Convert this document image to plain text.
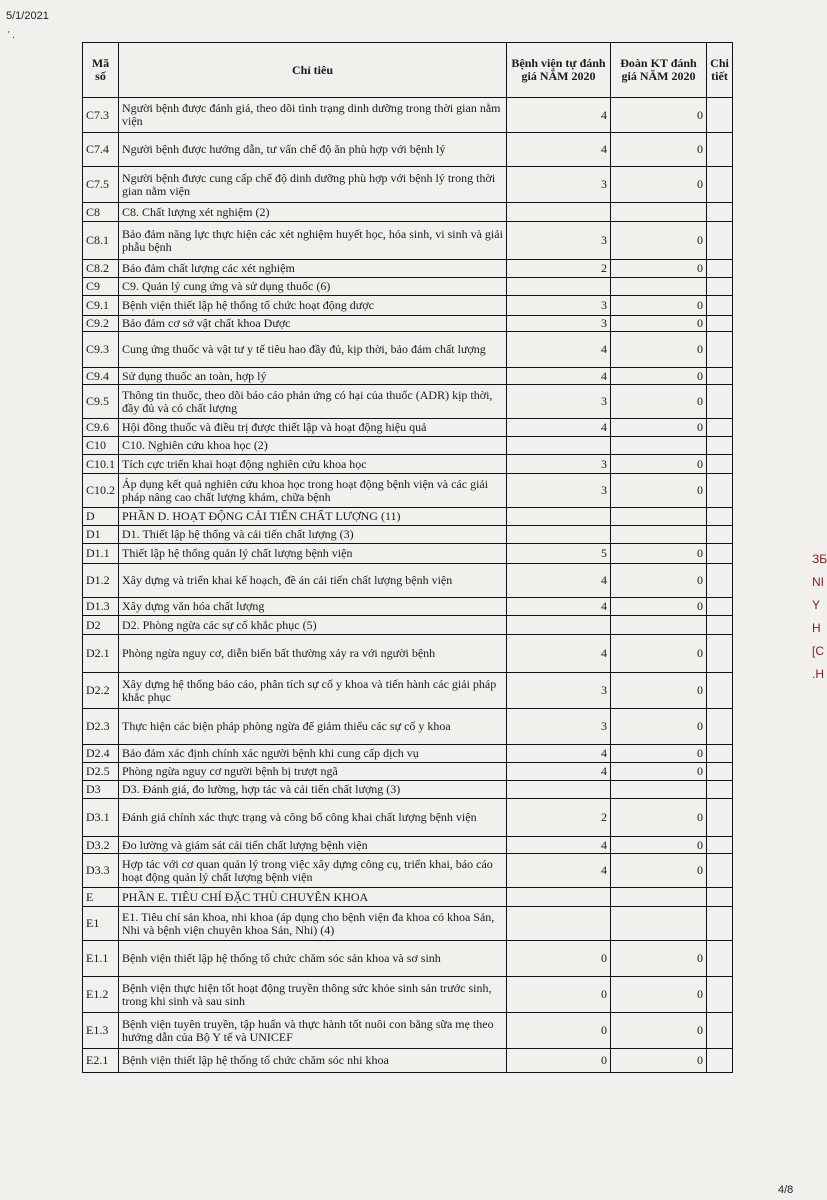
5/1/2021
' .
4/8
ЗБ
NI
Y
H
[C
.H
Mã số	Chỉ tiêu	Bệnh viện tự đánh giá NĂM 2020	Đoàn KT đánh giá NĂM 2020	Chi tiết
C7.3	Người bệnh được đánh giá, theo dõi tình trạng dinh dưỡng trong thời gian nằm viện	4	0	
C7.4	Người bệnh được hướng dẫn, tư vấn chế độ ăn phù hợp với bệnh lý	4	0	
C7.5	Người bệnh được cung cấp chế độ dinh dưỡng phù hợp với bệnh lý trong thời gian nằm viện	3	0	
C8	C8. Chất lượng xét nghiệm (2)			
C8.1	Bảo đảm năng lực thực hiện các xét nghiệm huyết học, hóa sinh, vi sinh và giải phẫu bệnh	3	0	
C8.2	Bảo đảm chất lượng các xét nghiệm	2	0	
C9	C9. Quản lý cung ứng và sử dụng thuốc (6)			
C9.1	Bệnh viện thiết lập hệ thống tổ chức hoạt động dược	3	0	
C9.2	Bảo đảm cơ sở vật chất khoa Dược	3	0	
C9.3	Cung ứng thuốc và vật tư y tế tiêu hao đầy đủ, kịp thời, bảo đảm chất lượng	4	0	
C9.4	Sử dụng thuốc an toàn, hợp lý	4	0	
C9.5	Thông tin thuốc, theo dõi báo cáo phản ứng có hại của thuốc (ADR) kịp thời, đầy đủ và có chất lượng	3	0	
C9.6	Hội đồng thuốc và điều trị được thiết lập và hoạt động hiệu quả	4	0	
C10	C10. Nghiên cứu khoa học (2)			
C10.1	Tích cực triển khai hoạt động nghiên cứu khoa học	3	0	
C10.2	Áp dụng kết quả nghiên cứu khoa học trong hoạt động bệnh viện và các giải pháp nâng cao chất lượng khám, chữa bệnh	3	0	
D	PHẦN D. HOẠT ĐỘNG CẢI TIẾN CHẤT LƯỢNG (11)			
D1	D1. Thiết lập hệ thống và cải tiến chất lượng (3)			
D1.1	Thiết lập hệ thống quản lý chất lượng bệnh viện	5	0	
D1.2	Xây dựng và triển khai kế hoạch, đề án cải tiến chất lượng bệnh viện	4	0	
D1.3	Xây dựng văn hóa chất lượng	4	0	
D2	D2. Phòng ngừa các sự cố khắc phục (5)			
D2.1	Phòng ngừa nguy cơ, diễn biến bất thường xảy ra với người bệnh	4	0	
D2.2	Xây dựng hệ thống báo cáo, phân tích sự cố y khoa và tiến hành các giải pháp khắc phục	3	0	
D2.3	Thực hiện các biện pháp phòng ngừa để giảm thiểu các sự cố y khoa	3	0	
D2.4	Bảo đảm xác định chính xác người bệnh khi cung cấp dịch vụ	4	0	
D2.5	Phòng ngừa nguy cơ người bệnh bị trượt ngã	4	0	
D3	D3. Đánh giá, đo lường, hợp tác và cải tiến chất lượng (3)			
D3.1	Đánh giá chính xác thực trạng và công bố công khai chất lượng bệnh viện	2	0	
D3.2	Đo lường và giám sát cải tiến chất lượng bệnh viện	4	0	
D3.3	Hợp tác với cơ quan quản lý trong việc xây dựng công cụ, triển khai, báo cáo hoạt động quản lý chất lượng bệnh viện	4	0	
E	PHẦN E. TIÊU CHÍ ĐẶC THÙ CHUYÊN KHOA			
E1	E1. Tiêu chí sản khoa, nhi khoa (áp dụng cho bệnh viện đa khoa có khoa Sản, Nhi và bệnh viện chuyên khoa Sản, Nhi) (4)			
E1.1	Bệnh viện thiết lập hệ thống tổ chức chăm sóc sản khoa và sơ sinh	0	0	
E1.2	Bệnh viện thực hiện tốt hoạt động truyền thông sức khỏe sinh sản trước sinh, trong khi sinh và sau sinh	0	0	
E1.3	Bệnh viện tuyên truyền, tập huấn và thực hành tốt nuôi con bằng sữa mẹ theo hướng dẫn của Bộ Y tế và UNICEF	0	0	
E2.1	Bệnh viện thiết lập hệ thống tổ chức chăm sóc nhi khoa	0	0	
